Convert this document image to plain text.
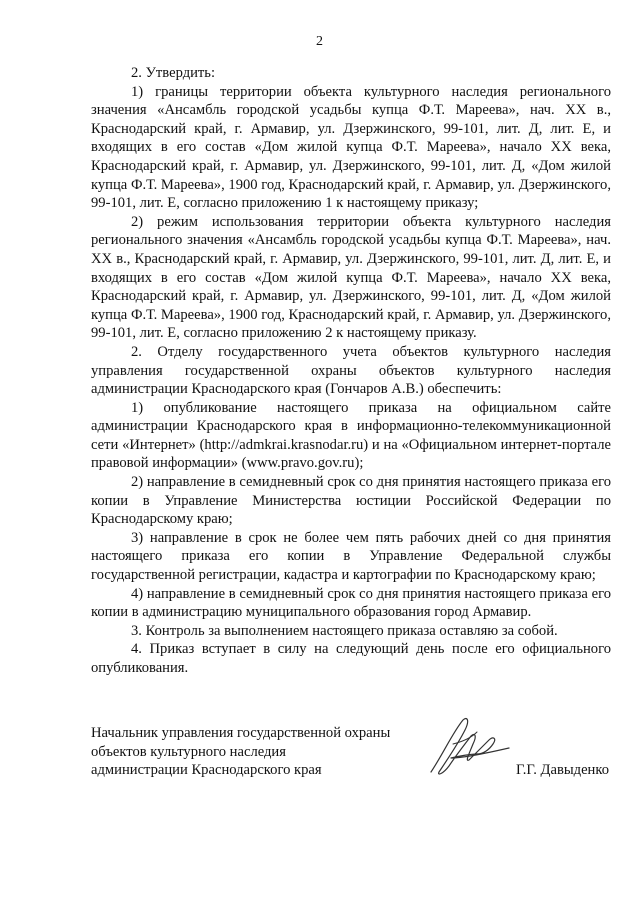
2

2. Утвердить:

1) границы территории объекта культурного наследия регионального значения «Ансамбль городской усадьбы купца Ф.Т. Мареева», нач. XX в., Краснодарский край, г. Армавир, ул. Дзержинского, 99-101, лит. Д, лит. Е, и входящих в его состав «Дом жилой купца Ф.Т. Мареева», начало XX века, Краснодарский край, г. Армавир, ул. Дзержинского, 99-101, лит. Д, «Дом жилой купца Ф.Т. Мареева», 1900 год, Краснодарский край, г. Армавир, ул. Дзержинского, 99-101, лит. Е, согласно приложению 1 к настоящему приказу;

2) режим использования территории объекта культурного наследия регионального значения «Ансамбль городской усадьбы купца Ф.Т. Мареева», нач. XX в., Краснодарский край, г. Армавир, ул. Дзержинского, 99-101, лит. Д, лит. Е, и входящих в его состав «Дом жилой купца Ф.Т. Мареева», начало XX века, Краснодарский край, г. Армавир, ул. Дзержинского, 99-101, лит. Д, «Дом жилой купца Ф.Т. Мареева», 1900 год, Краснодарский край, г. Армавир, ул. Дзержинского, 99-101, лит. Е, согласно приложению 2 к настоящему приказу.

2. Отделу государственного учета объектов культурного наследия управления государственной охраны объектов культурного наследия администрации Краснодарского края (Гончаров А.В.) обеспечить:

1) опубликование настоящего приказа на официальном сайте администрации Краснодарского края в информационно-телекоммуникационной сети «Интернет» (http://admkrai.krasnodar.ru) и на «Официальном интернет-портале правовой информации» (www.pravo.gov.ru);

2) направление в семидневный срок со дня принятия настоящего приказа его копии в Управление Министерства юстиции Российской Федерации по Краснодарскому краю;

3) направление в срок не более чем пять рабочих дней со дня принятия настоящего приказа его копии в Управление Федеральной службы государственной регистрации, кадастра и картографии по Краснодарскому краю;

4) направление в семидневный срок со дня принятия настоящего приказа его копии в администрацию муниципального образования город Армавир.

3. Контроль за выполнением настоящего приказа оставляю за собой.

4. Приказ вступает в силу на следующий день после его официального опубликования.

Начальник управления государственной охраны
объектов культурного наследия
администрации Краснодарского края	Г.Г. Давыденко
